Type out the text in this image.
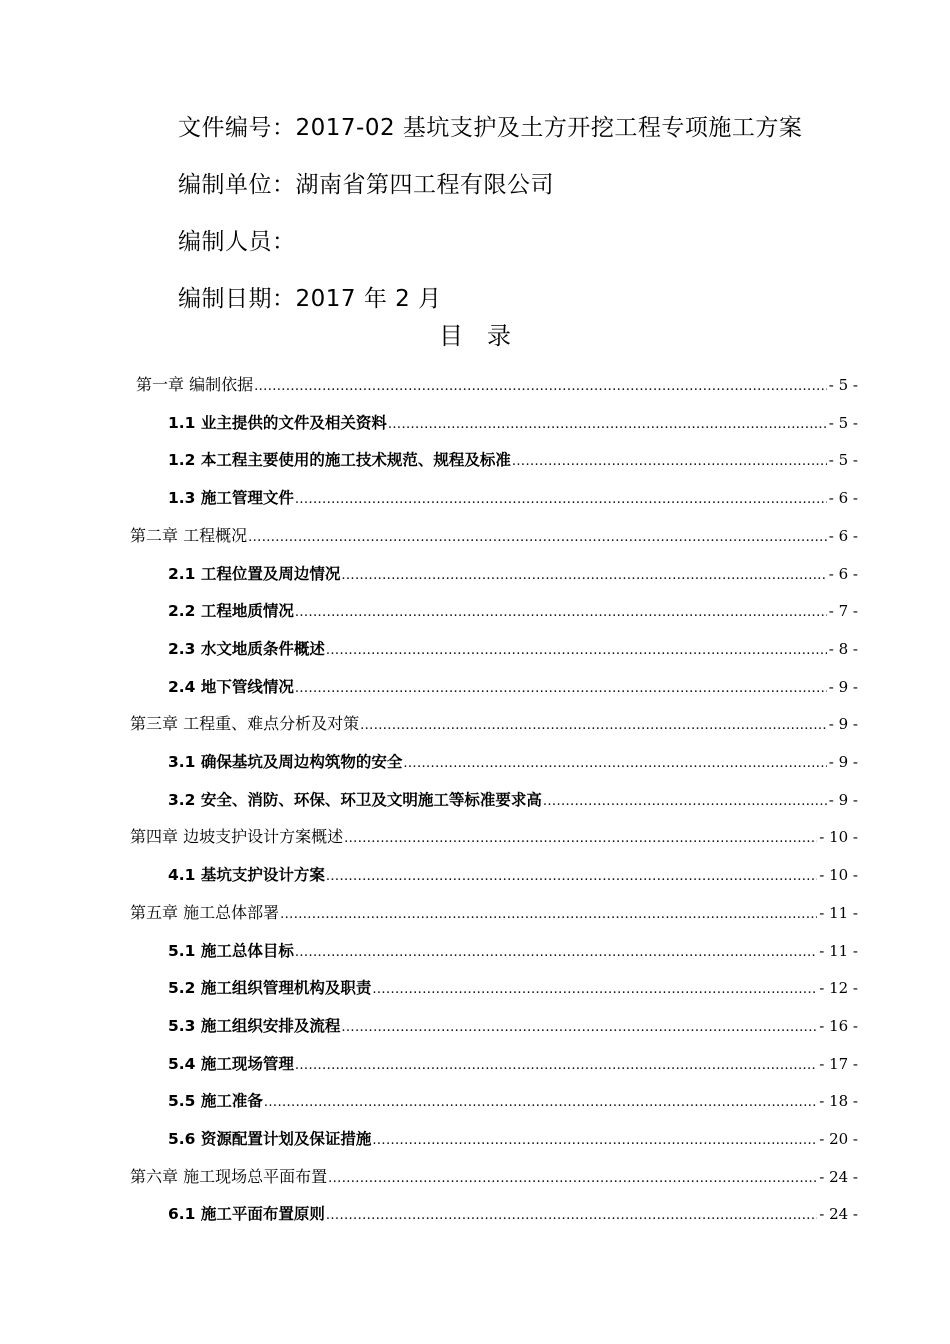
文件编号：2017-02 基坑支护及土方开挖工程专项施工方案
编制单位：湖南省第四工程有限公司
编制人员：
编制日期：2017 年 2 月
目录
第一章 编制依据 .....	- 5 -
1.1 业主提供的文件及相关资料 .....	- 5 -
1.2 本工程主要使用的施工技术规范、规程及标准 .....	- 5 -
1.3 施工管理文件 .....	- 6 -
第二章 工程概况 .....	- 6 -
2.1 工程位置及周边情况 .....	- 6 -
2.2 工程地质情况 .....	- 7 -
2.3 水文地质条件概述 .....	- 8 -
2.4 地下管线情况 .....	- 9 -
第三章 工程重、难点分析及对策 .....	- 9 -
3.1 确保基坑及周边构筑物的安全 .....	- 9 -
3.2 安全、消防、环保、环卫及文明施工等标准要求高 .....	- 9 -
第四章 边坡支护设计方案概述 .....	- 10 -
4.1 基坑支护设计方案 .....	- 10 -
第五章 施工总体部署 .....	- 11 -
5.1 施工总体目标 .....	- 11 -
5.2 施工组织管理机构及职责 .....	- 12 -
5.3 施工组织安排及流程 .....	- 16 -
5.4 施工现场管理 .....	- 17 -
5.5 施工准备 .....	- 18 -
5.6 资源配置计划及保证措施 .....	- 20 -
第六章 施工现场总平面布置 .....	- 24 -
6.1 施工平面布置原则 .....	- 24 -
